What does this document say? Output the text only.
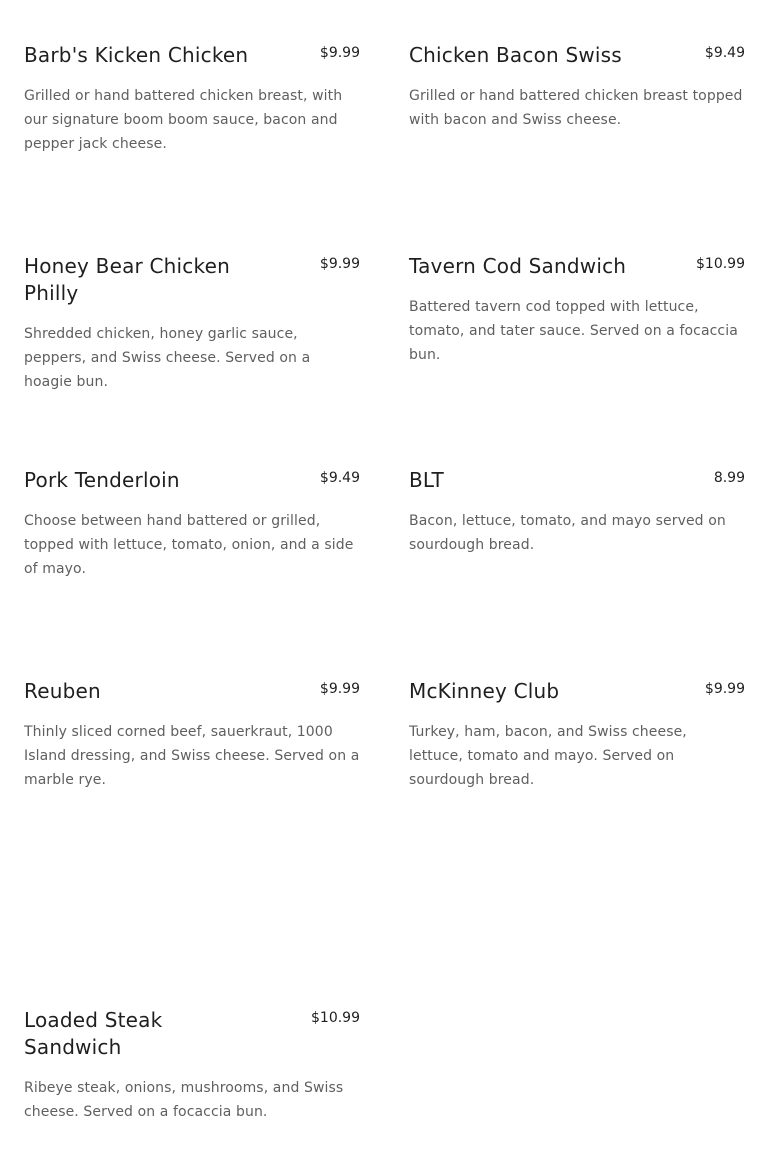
Barb's Kicken Chicken	$9.99
Grilled or hand battered chicken breast, with our signature boom boom sauce, bacon and pepper jack cheese.
Chicken Bacon Swiss	$9.49
Grilled or hand battered chicken breast topped with bacon and Swiss cheese.
Honey Bear Chicken Philly
$9.99
Shredded chicken, honey garlic sauce, peppers, and Swiss cheese. Served on a hoagie bun.
Tavern Cod Sandwich	$10.99
Battered tavern cod topped with lettuce, tomato, and tater sauce. Served on a focaccia bun.
Pork Tenderloin	$9.49
Choose between hand battered or grilled, topped with lettuce, tomato, onion, and a side of mayo.
BLT	8.99
Bacon, lettuce, tomato, and mayo served on sourdough bread.
Reuben	$9.99
Thinly sliced corned beef, sauerkraut, 1000 Island dressing, and Swiss cheese. Served on a marble rye.
McKinney Club	$9.99
Turkey, ham, bacon, and Swiss cheese, lettuce, tomato and mayo. Served on sourdough bread.
Loaded Steak Sandwich
$10.99
Ribeye steak, onions, mushrooms, and Swiss cheese. Served on a focaccia bun.
